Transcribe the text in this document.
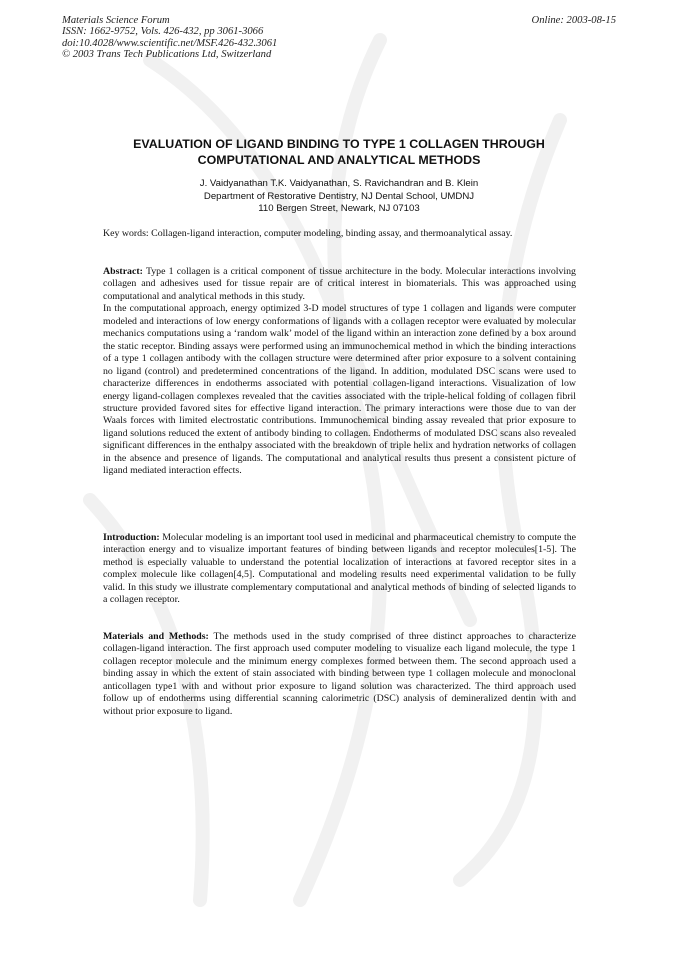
Materials Science Forum
ISSN: 1662-9752, Vols. 426-432, pp 3061-3066
doi:10.4028/www.scientific.net/MSF.426-432.3061
© 2003 Trans Tech Publications Ltd, Switzerland
Online: 2003-08-15
EVALUATION OF LIGAND BINDING TO TYPE 1 COLLAGEN THROUGH
COMPUTATIONAL AND ANALYTICAL METHODS
J. Vaidyanathan T.K. Vaidyanathan, S. Ravichandran and B. Klein
Department of Restorative Dentistry, NJ Dental School, UMDNJ
110 Bergen Street, Newark, NJ 07103

Key words: Collagen-ligand interaction, computer modeling, binding assay, and thermoanalytical assay.

Abstract: Type 1 collagen is a critical component of tissue architecture in the body. Molecular interactions involving collagen and adhesives used for tissue repair are of critical interest in biomaterials. This was approached using computational and analytical methods in this study.

In the computational approach, energy optimized 3-D model structures of type 1 collagen and ligands were computer modeled and interactions of low energy conformations of ligands with a collagen receptor were evaluated by molecular mechanics computations using a ‘random walk’ model of the ligand within an interaction zone defined by a box around the static receptor. Binding assays were performed using an immunochemical method in which the binding interactions of a type 1 collagen antibody with the collagen structure were determined after prior exposure to a solvent containing no ligand (control) and predetermined concentrations of the ligand. In addition, modulated DSC scans were used to characterize differences in endotherms associated with potential collagen-ligand interactions. Visualization of low energy ligand-collagen complexes revealed that the cavities associated with the triple-helical folding of collagen fibril structure provided favored sites for effective ligand interaction. The primary interactions were those due to van der Waals forces with limited electrostatic contributions. Immunochemical binding assay revealed that prior exposure to ligand solutions reduced the extent of antibody binding to collagen. Endotherms of modulated DSC scans also revealed significant differences in the enthalpy associated with the breakdown of triple helix and hydration networks of collagen in the absence and presence of ligands. The computational and analytical results thus present a consistent picture of ligand mediated interaction effects.

Introduction: Molecular modeling is an important tool used in medicinal and pharmaceutical chemistry to compute the interaction energy and to visualize important features of binding between ligands and receptor molecules[1-5]. The method is especially valuable to understand the potential localization of interactions at favored receptor sites in a complex molecule like collagen[4,5]. Computational and modeling results need experimental validation to be fully valid. In this study we illustrate complementary computational and analytical methods of binding of selected ligands to a collagen receptor.

Materials and Methods: The methods used in the study comprised of three distinct approaches to characterize collagen-ligand interaction. The first approach used computer modeling to visualize each ligand molecule, the type 1 collagen receptor molecule and the minimum energy complexes formed between them. The second approach used a binding assay in which the extent of stain associated with binding between type 1 collagen molecule and monoclonal anticollagen type1 with and without prior exposure to ligand solution was characterized. The third approach used follow up of endotherms using differential scanning calorimetric (DSC) analysis of demineralized dentin with and without prior exposure to ligand.
